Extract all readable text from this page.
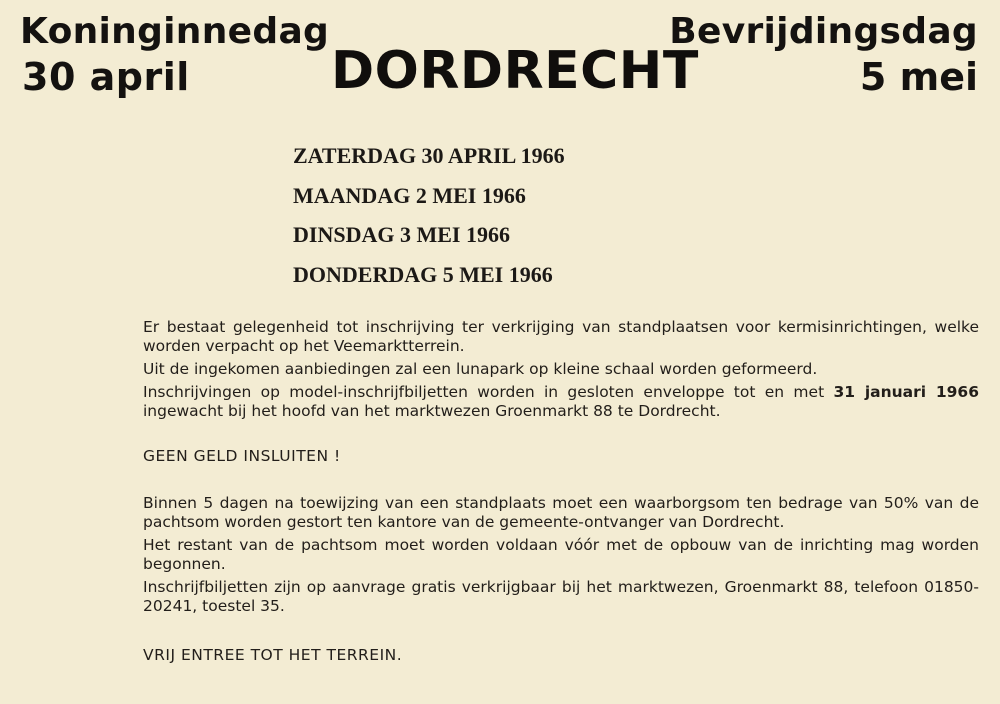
Koninginnedag
30 april	DORDRECHT
Bevrijdingsdag
5 mei
ZATERDAG 30 APRIL 1966
MAANDAG 2 MEI 1966
DINSDAG 3 MEI 1966
DONDERDAG 5 MEI 1966

Er bestaat gelegenheid tot inschrijving ter verkrijging van standplaatsen voor kermisinrichtingen, welke worden verpacht op het Veemarktterrein.

Uit de ingekomen aanbiedingen zal een lunapark op kleine schaal worden geformeerd.

Inschrijvingen op model-inschrijfbiljetten worden in gesloten enveloppe tot en met 31 januari 1966 ingewacht bij het hoofd van het marktwezen Groenmarkt 88 te Dordrecht.

GEEN GELD INSLUITEN !

Binnen 5 dagen na toewijzing van een standplaats moet een waarborgsom ten bedrage van 50% van de pachtsom worden gestort ten kantore van de gemeente-ontvanger van Dordrecht.

Het restant van de pachtsom moet worden voldaan vóór met de opbouw van de inrichting mag worden begonnen.

Inschrijfbiljetten zijn op aanvrage gratis verkrijgbaar bij het marktwezen, Groenmarkt 88, telefoon 01850-20241, toestel 35.

VRIJ ENTREE TOT HET TERREIN.
